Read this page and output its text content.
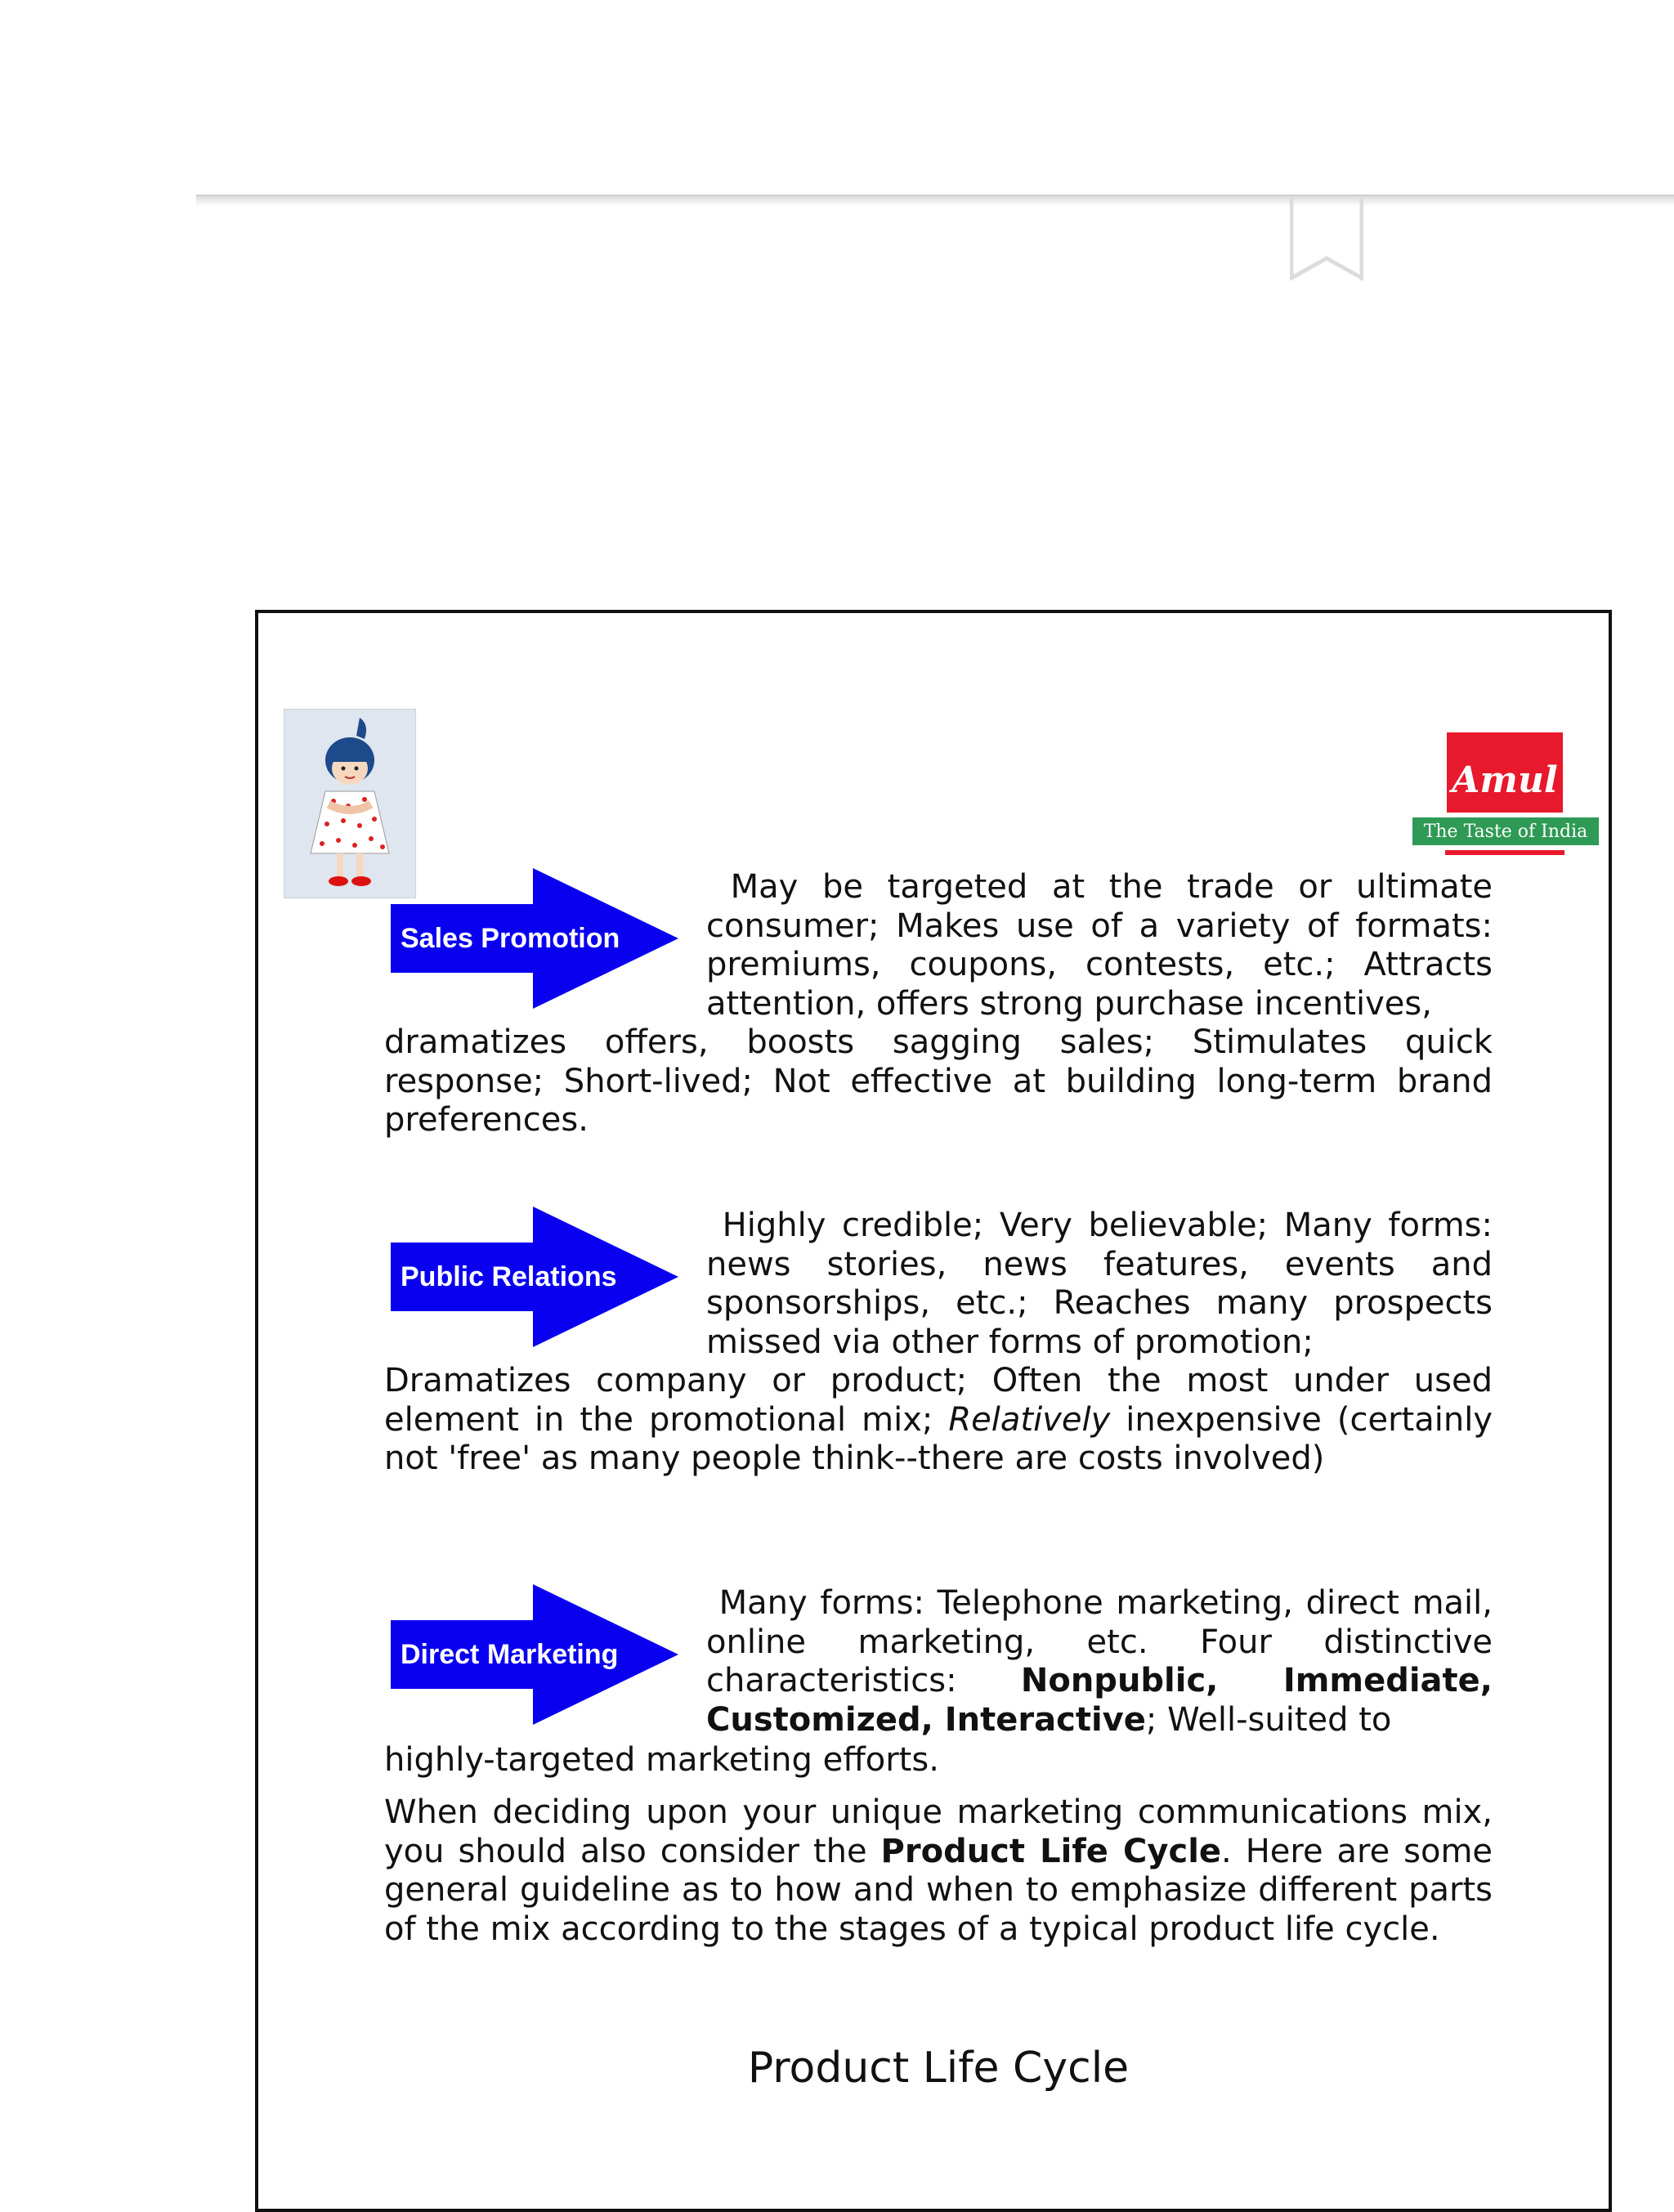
Amul
The Taste of India
Sales Promotion
May be targeted at the trade or ultimate consumer; Makes use of a variety of formats: premiums, coupons, contests, etc.; Attracts attention, offers strong purchase incentives,
dramatizes offers, boosts sagging sales; Stimulates quick response; Short-lived; Not effective at building long-term brand preferences.
Public Relations
Highly credible; Very believable; Many forms: news stories, news features, events and sponsorships, etc.; Reaches many prospects missed via other forms of promotion;
Dramatizes company or product; Often the most under used element in the promotional mix; Relatively inexpensive (certainly not 'free' as many people think--there are costs involved)
Direct Marketing
Many forms: Telephone marketing, direct mail, online marketing, etc. Four distinctive characteristics: Nonpublic, Immediate, Customized, Interactive; Well-suited to
highly-targeted marketing efforts.
When deciding upon your unique marketing communications mix, you should also consider the Product Life Cycle. Here are some general guideline as to how and when to emphasize different parts of the mix according to the stages of a typical product life cycle.
Product Life Cycle
